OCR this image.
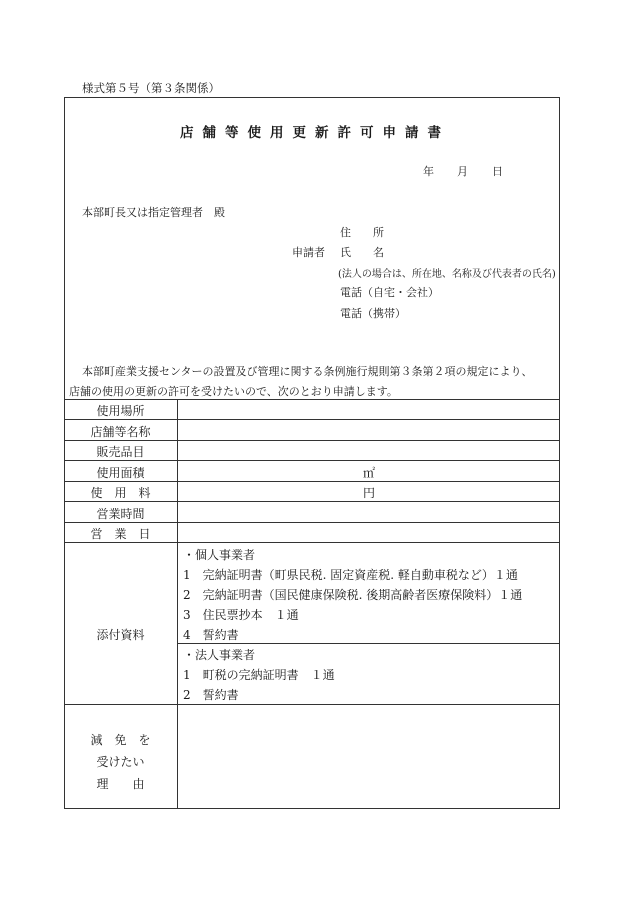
様式第５号（第３条関係）
店舗等使用更新許可申請書
年 月 日
本部町長又は指定管理者　殿
住　　所
申請者 氏　　名
(法人の場合は、所在地、名称及び代表者の氏名)
電話（自宅・会社）
電話（携帯）
本部町産業支援センターの設置及び管理に関する条例施行規則第３条第２項の規定により、
店舗の使用の更新の許可を受けたいので、次のとおり申請します。
使用場所
店舗等名称
販売品目
使用面積	㎡
使　用　料	円
営業時間
営　業　日
添付資料
・個人事業者
1　完納証明書（町県民税. 固定資産税. 軽自動車税など）１通
2　完納証明書（国民健康保険税. 後期高齢者医療保険料）１通
3　住民票抄本　１通
4　誓約書
・法人事業者
1　町税の完納証明書　１通
2　誓約書
減　免　を
受けたい
理　　由
